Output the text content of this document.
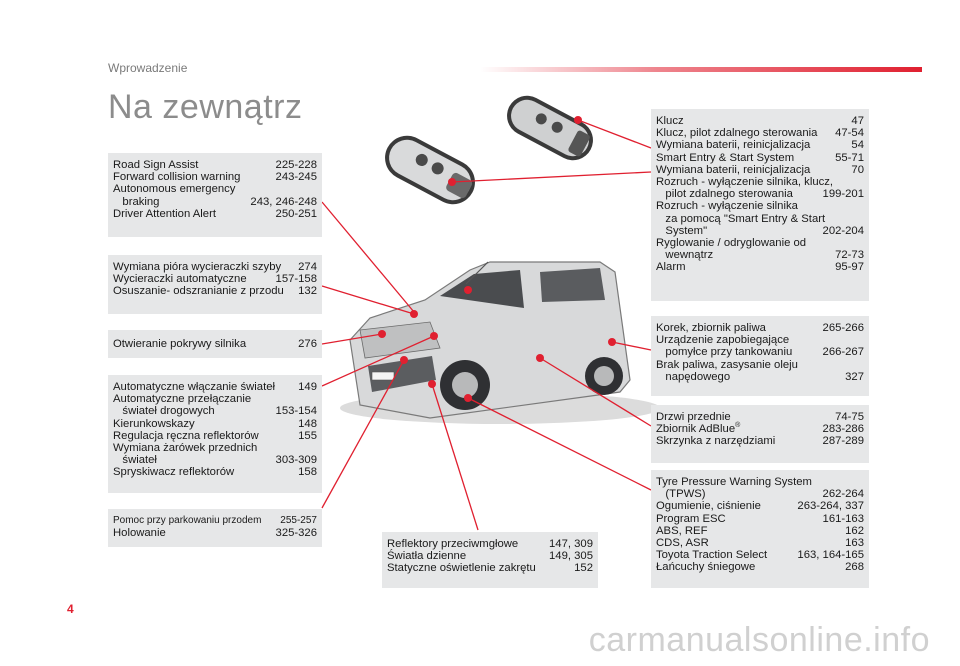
Wprowadzenie
Na zewnątrz
Road Sign Assist	225-228
Forward collision warning	243-245
Autonomous emergency
braking	243, 246-248
Driver Attention Alert	250-251
Wymiana pióra wycieraczki szyby	274
Wycieraczki automatyczne	157-158
Osuszanie- odszranianie z przodu	132
Otwieranie pokrywy silnika	276
Automatyczne włączanie świateł	149
Automatyczne przełączanie
świateł drogowych	153-154
Kierunkowskazy	148
Regulacja ręczna reflektorów	155
Wymiana żarówek przednich
świateł	303-309
Spryskiwacz reflektorów	158
Pomoc przy parkowaniu przodem	255-257
Holowanie	325-326
Reflektory przeciwmgłowe	147, 309
Światła dzienne	149, 305
Statyczne oświetlenie zakrętu	152
Klucz	47
Klucz, pilot zdalnego sterowania	47-54
Wymiana baterii, reinicjalizacja	54
Smart Entry & Start System	55-71
Wymiana baterii, reinicjalizacja	70
Rozruch - wyłączenie silnika, klucz,
pilot zdalnego sterowania	199-201
Rozruch - wyłączenie silnika
za pomocą "Smart Entry & Start
System"	202-204
Ryglowanie / odryglowanie od
wewnątrz	72-73
Alarm	95-97
Korek, zbiornik paliwa	265-266
Urządzenie zapobiegające
pomyłce przy tankowaniu	266-267
Brak paliwa, zasysanie oleju
napędowego	327
Drzwi przednie	74-75
Zbiornik AdBlue®	283-286
Skrzynka z narzędziami	287-289
Tyre Pressure Warning System
(TPWS)	262-264
Ogumienie, ciśnienie	263-264, 337
Program ESC	161-163
ABS, REF	162
CDS, ASR	163
Toyota Traction Select	163, 164-165
Łańcuchy śniegowe	268
4
carmanualsonline.info
